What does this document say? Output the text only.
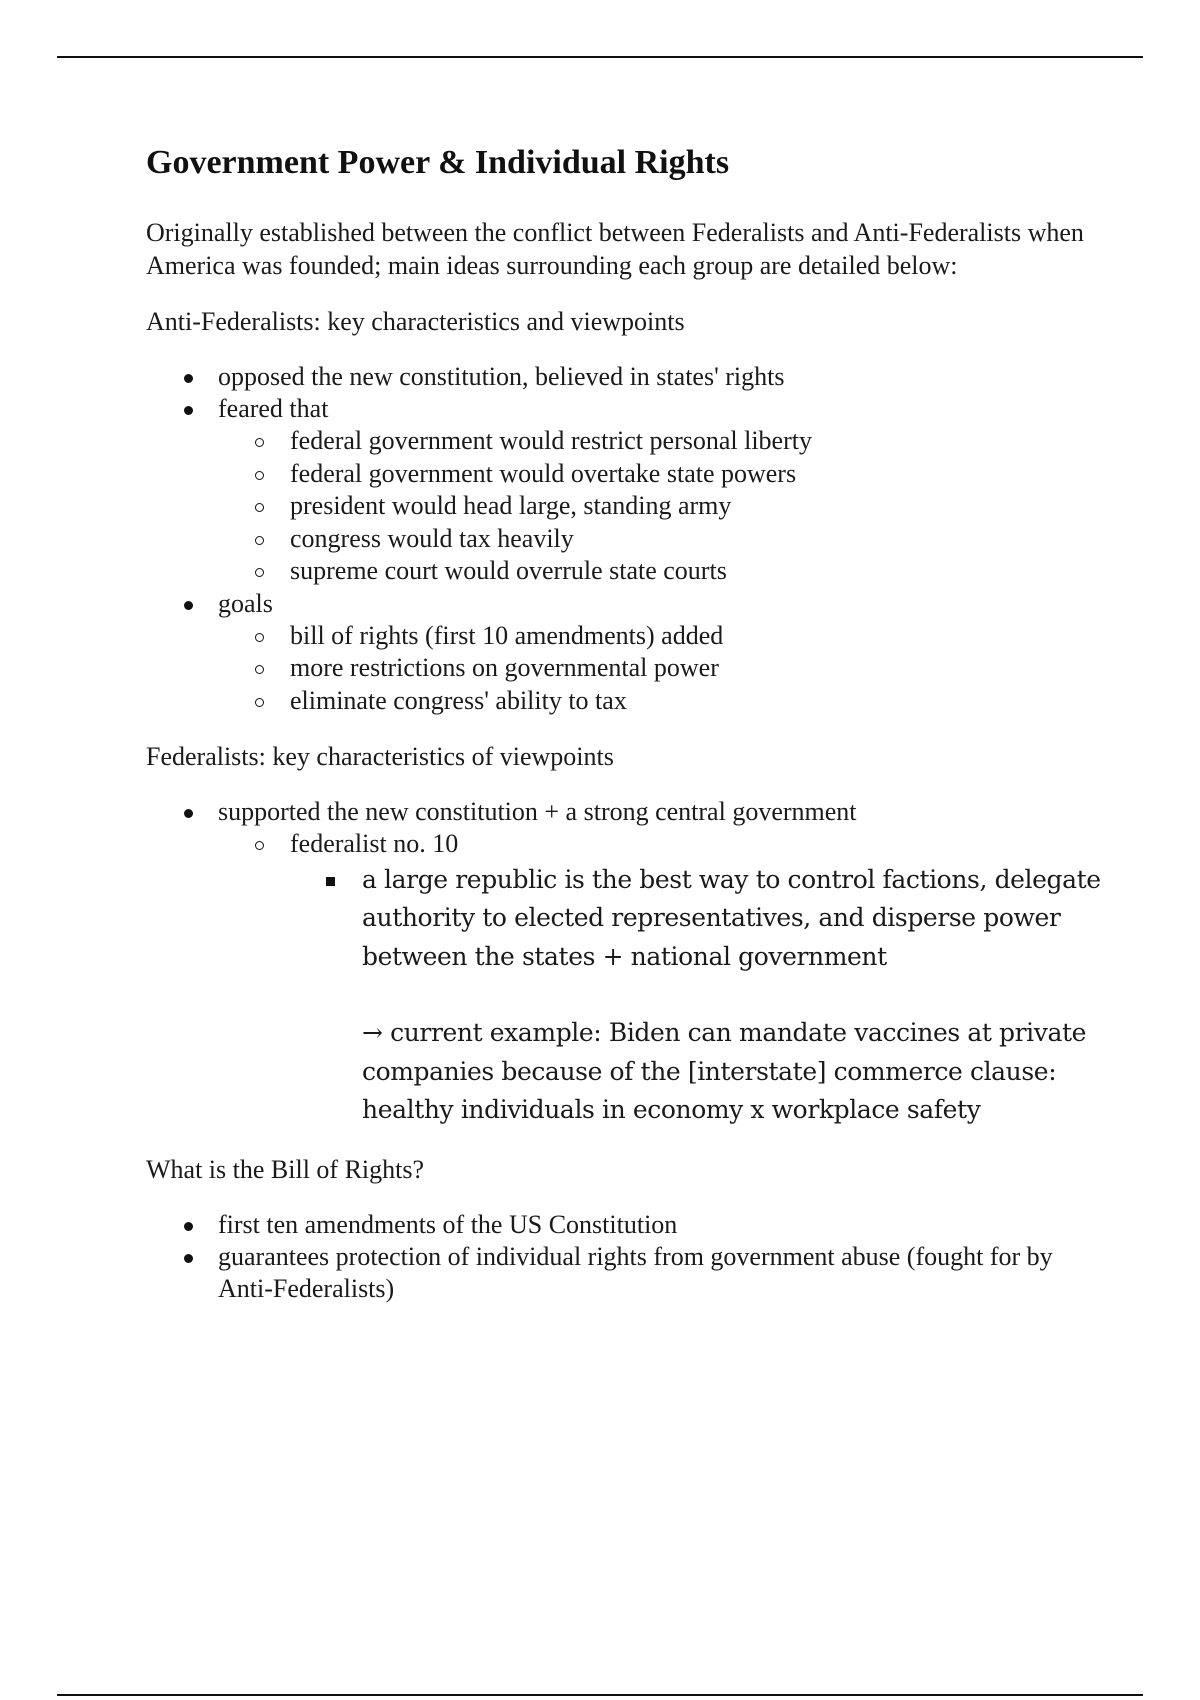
Government Power & Individual Rights

Originally established between the conflict between Federalists and Anti-Federalists when America was founded; main ideas surrounding each group are detailed below:

Anti-Federalists: key characteristics and viewpoints

opposed the new constitution, believed in states' rights
feared that
federal government would restrict personal liberty
federal government would overtake state powers
president would head large, standing army
congress would tax heavily
supreme court would overrule state courts
goals
bill of rights (first 10 amendments) added
more restrictions on governmental power
eliminate congress' ability to tax

Federalists: key characteristics of viewpoints

supported the new constitution + a strong central government
federalist no. 10
a large republic is the best way to control factions, delegate authority to elected representatives, and disperse power between the states + national government
→ current example: Biden can mandate vaccines at private companies because of the [interstate] commerce clause: healthy individuals in economy x workplace safety

What is the Bill of Rights?

first ten amendments of the US Constitution
guarantees protection of individual rights from government abuse (fought for by Anti-Federalists)
